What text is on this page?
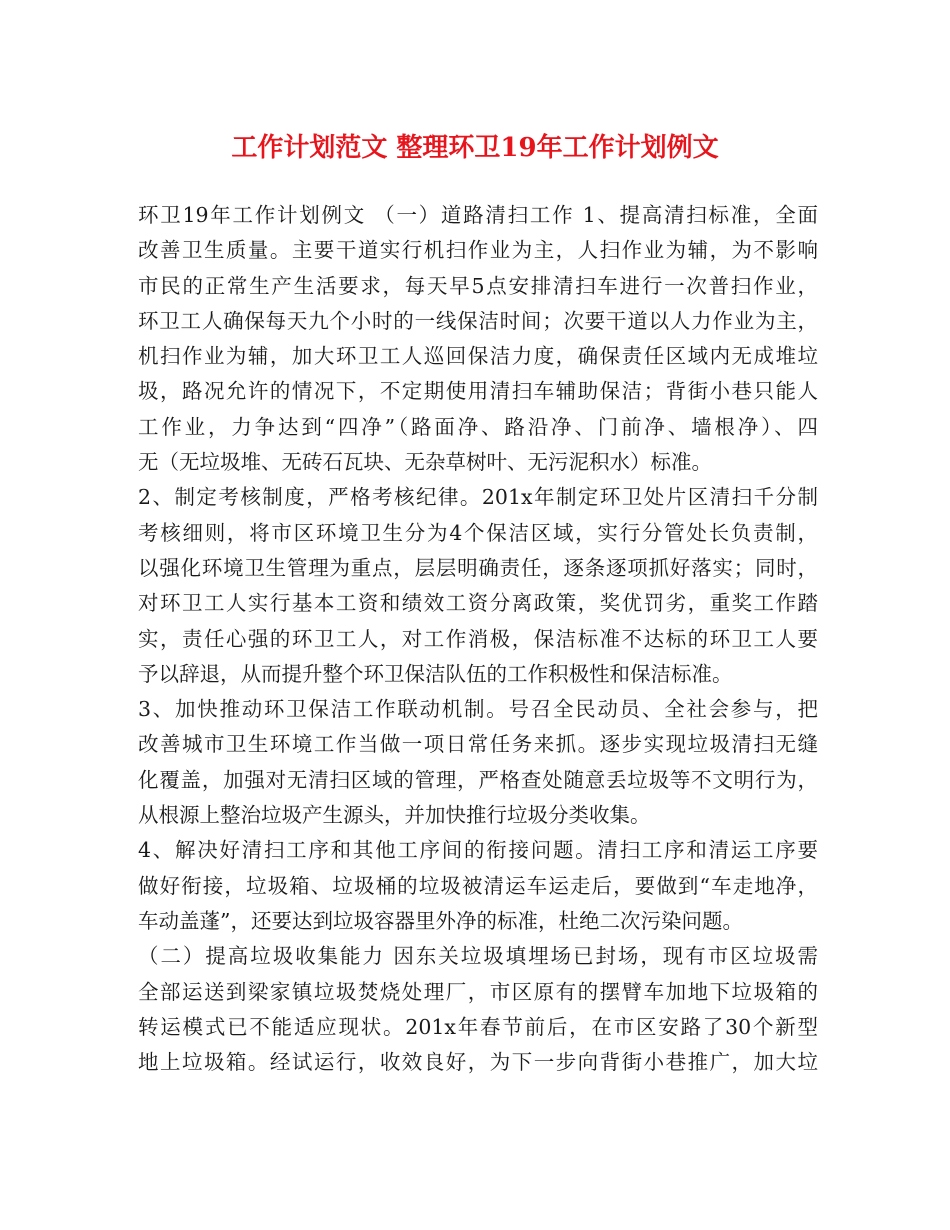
工作计划范文 整理环卫19年工作计划例文
环卫19年工作计划例文 （一）道路清扫工作 1、提高清扫标准，全面
改善卫生质量。主要干道实行机扫作业为主，人扫作业为辅，为不影响
市民的正常生产生活要求，每天早5点安排清扫车进行一次普扫作业，
环卫工人确保每天九个小时的一线保洁时间；次要干道以人力作业为主，
机扫作业为辅，加大环卫工人巡回保洁力度，确保责任区域内无成堆垃
圾，路况允许的情况下，不定期使用清扫车辅助保洁；背街小巷只能人
工作业，力争达到“四净”（路面净、路沿净、门前净、墙根净）、四
无（无垃圾堆、无砖石瓦块、无杂草树叶、无污泥积水）标准。
2、制定考核制度，严格考核纪律。201x年制定环卫处片区清扫千分制
考核细则，将市区环境卫生分为4个保洁区域，实行分管处长负责制，
以强化环境卫生管理为重点，层层明确责任，逐条逐项抓好落实；同时，
对环卫工人实行基本工资和绩效工资分离政策，奖优罚劣，重奖工作踏
实，责任心强的环卫工人，对工作消极，保洁标准不达标的环卫工人要
予以辞退，从而提升整个环卫保洁队伍的工作积极性和保洁标准。
3、加快推动环卫保洁工作联动机制。号召全民动员、全社会参与，把
改善城市卫生环境工作当做一项日常任务来抓。逐步实现垃圾清扫无缝
化覆盖，加强对无清扫区域的管理，严格查处随意丢垃圾等不文明行为，
从根源上整治垃圾产生源头，并加快推行垃圾分类收集。
4、解决好清扫工序和其他工序间的衔接问题。清扫工序和清运工序要
做好衔接，垃圾箱、垃圾桶的垃圾被清运车运走后，要做到“车走地净，
车动盖蓬”，还要达到垃圾容器里外净的标准，杜绝二次污染问题。
（二）提高垃圾收集能力 因东关垃圾填埋场已封场，现有市区垃圾需
全部运送到梁家镇垃圾焚烧处理厂，市区原有的摆臂车加地下垃圾箱的
转运模式已不能适应现状。201x年春节前后，在市区安路了30个新型
地上垃圾箱。经试运行，收效良好，为下一步向背街小巷推广，加大垃
